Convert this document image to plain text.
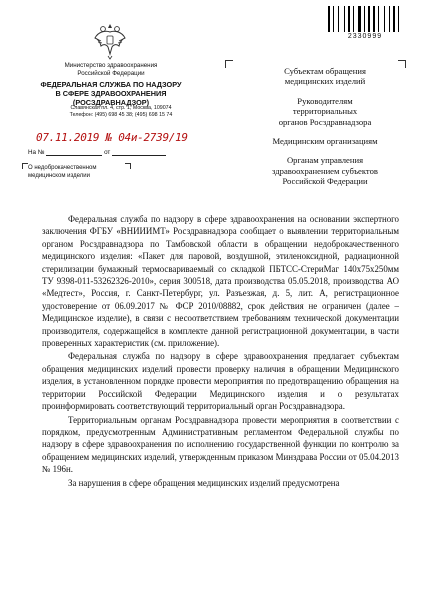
2330999
Министерство здравоохранения
Российской Федерации
ФЕДЕРАЛЬНАЯ СЛУЖБА ПО НАДЗОРУ
В СФЕРЕ ЗДРАВООХРАНЕНИЯ
(РОСЗДРАВНАДЗОР)
Славянская пл. 4, стр. 1, Москва, 109074
Телефон: (495) 698 45 38; (495) 698 15 74
07.11.2019 № 04и-2739/19
На №	от
О недоброкачественном
медицинском изделии
Субъектам обращения
медицинских изделий
Руководителям
территориальных
органов Росздравнадзора
Медицинским организациям
Органам управления
здравоохранением субъектов
Российской Федерации

Федеральная служба по надзору в сфере здравоохранения на основании экспертного заключения ФГБУ «ВНИИИМТ» Росздравнадзора сообщает о выявлении территориальным органом Росздравнадзора по Тамбовской области в обращении недоброкачественного медицинского изделия: «Пакет для паровой, воздушной, этиленоксидной, радиационной стерилизации бумажный термосвариваемый со складкой ПБТСС-СтериМаг 140х75х250мм ТУ 9398-011-53262326-2010», серия 300518, дата производства 05.05.2018, производства АО «Медтест», Россия, г. Санкт-Петербург, ул. Разъезжая, д. 5, лит. А, регистрационное удостоверение от 06.09.2017 № ФСР 2010/08882, срок действия не ограничен (далее – Медицинское изделие), в связи с несоответствием требованиям технической документации производителя, содержащейся в комплекте данной регистрационной документации, в части проверенных характеристик (см. приложение).

Федеральная служба по надзору в сфере здравоохранения предлагает субъектам обращения медицинских изделий провести проверку наличия в обращении Медицинского изделия, в установленном порядке провести мероприятия по предотвращению обращения на территории Российской Федерации Медицинского изделия и о результатах проинформировать соответствующий территориальный орган Росздравнадзора.

Территориальным органам Росздравнадзора провести мероприятия в соответствии с порядком, предусмотренным Административным регламентом Федеральной службы по надзору в сфере здравоохранения по исполнению государственной функции по контролю за обращением медицинских изделий, утвержденным приказом Минздрава России от 05.04.2013 № 196н.

За нарушения в сфере обращения медицинских изделий предусмотрена
